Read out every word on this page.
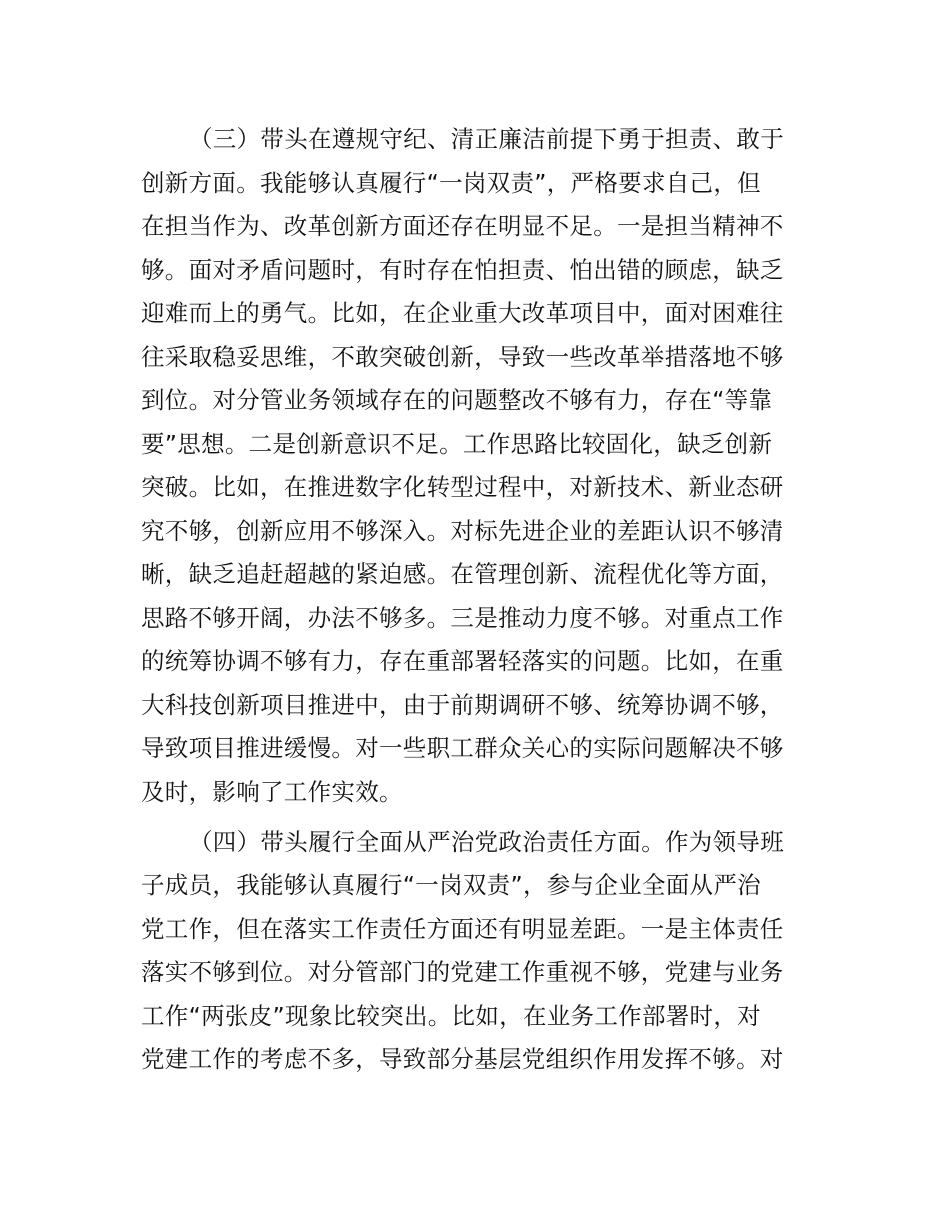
（三）带头在遵规守纪、清正廉洁前提下勇于担责、敢于

创新方面。我能够认真履行“一岗双责”，严格要求自己，但

在担当作为、改革创新方面还存在明显不足。一是担当精神不

够。面对矛盾问题时，有时存在怕担责、怕出错的顾虑，缺乏

迎难而上的勇气。比如，在企业重大改革项目中，面对困难往

往采取稳妥思维，不敢突破创新，导致一些改革举措落地不够

到位。对分管业务领域存在的问题整改不够有力，存在“等靠

要”思想。二是创新意识不足。工作思路比较固化，缺乏创新

突破。比如，在推进数字化转型过程中，对新技术、新业态研

究不够，创新应用不够深入。对标先进企业的差距认识不够清

晰，缺乏追赶超越的紧迫感。在管理创新、流程优化等方面，

思路不够开阔，办法不够多。三是推动力度不够。对重点工作

的统筹协调不够有力，存在重部署轻落实的问题。比如，在重

大科技创新项目推进中，由于前期调研不够、统筹协调不够，

导致项目推进缓慢。对一些职工群众关心的实际问题解决不够

及时，影响了工作实效。

（四）带头履行全面从严治党政治责任方面。作为领导班

子成员，我能够认真履行“一岗双责”，参与企业全面从严治

党工作，但在落实工作责任方面还有明显差距。一是主体责任

落实不够到位。对分管部门的党建工作重视不够，党建与业务

工作“两张皮”现象比较突出。比如，在业务工作部署时，对

党建工作的考虑不多，导致部分基层党组织作用发挥不够。对
